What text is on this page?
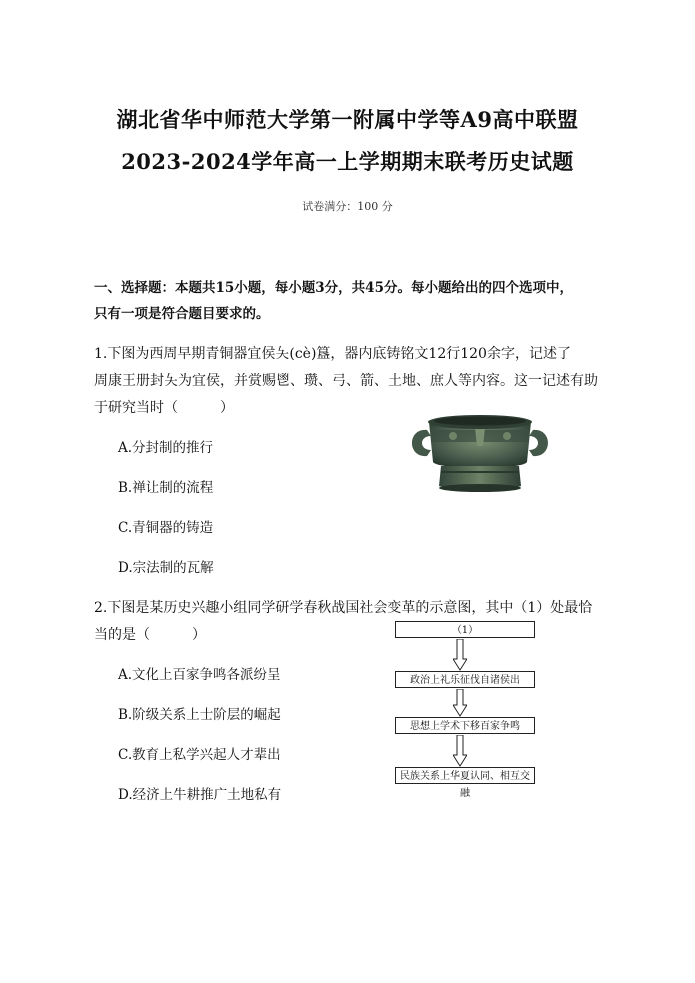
湖北省华中师范大学第一附属中学等A9高中联盟
2023-2024学年高一上学期期末联考历史试题
试卷满分：100 分
一、选择题：本题共15小题，每小题3分，共45分。每小题给出的四个选项中，
只有一项是符合题目要求的。
1.下图为西周早期青铜器宜侯夨(cè)簋，器内底铸铭文12行120余字，记述了
周康王册封夨为宜侯，并赏赐鬯、瓒、弓、箭、土地、庶人等内容。这一记述有助
于研究当时（　　　）
A.分封制的推行
B.禅让制的流程
C.青铜器的铸造
D.宗法制的瓦解
2.下图是某历史兴趣小组同学研学春秋战国社会变革的示意图，其中（1）处最恰
当的是（　　　）
A.文化上百家争鸣各派纷呈
B.阶级关系上士阶层的崛起
C.教育上私学兴起人才辈出
D.经济上牛耕推广土地私有
（1）
政治上礼乐征伐自诸侯出
思想上学术下移百家争鸣
民族关系上华夏认同、相互交融
